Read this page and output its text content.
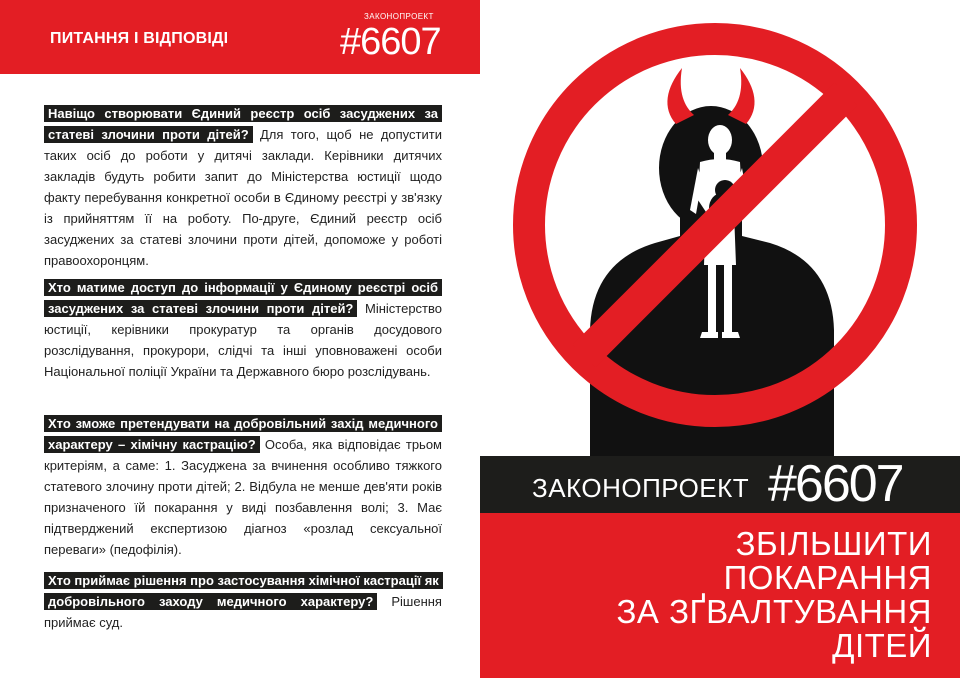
ПИТАННЯ І ВІДПОВІДІ
ЗАКОНОПРОЕКТ
#6607
Навіщо створювати Єдиний реєстр осіб засуджених за статеві злочини проти дітей? Для того, щоб не допустити таких осіб до роботи у дитячі заклади. Керівники дитячих закладів будуть робити запит до Міністерства юстиції щодо факту перебування конкретної особи в Єдиному реєстрі у зв'язку із прийняттям її на роботу. По-друге, Єдиний реєстр осіб засуджених за статеві злочини проти дітей, допоможе у роботі правоохоронцям.
Хто матиме доступ до інформації у Єдиному реєстрі осіб засуджених за статеві злочини проти дітей? Міністерство юстиції, керівники прокуратур та органів досудового розслідування, прокурори, слідчі та інші уповноважені особи Національної поліції України та Державного бюро розслідувань.
Хто зможе претендувати на добровільний захід медичного характеру – хімічну кастрацію? Особа, яка відповідає трьом критеріям, а саме: 1. Засуджена за вчинення особливо тяжкого статевого злочину проти дітей; 2. Відбула не менше дев'яти років призначеного їй покарання у виді позбавлення волі; 3. Має підтверджений експертизою діагноз «розлад сексуальної переваги» (педофілія).
Хто приймає рішення про застосування хімічної кастрації як добровільного заходу медичного характеру? Рішення приймає суд.
ЗАКОНОПРОЕКТ #6607
ЗБІЛЬШИТИ
ПОКАРАННЯ
ЗА ЗҐВАЛТУВАННЯ
ДІТЕЙ
